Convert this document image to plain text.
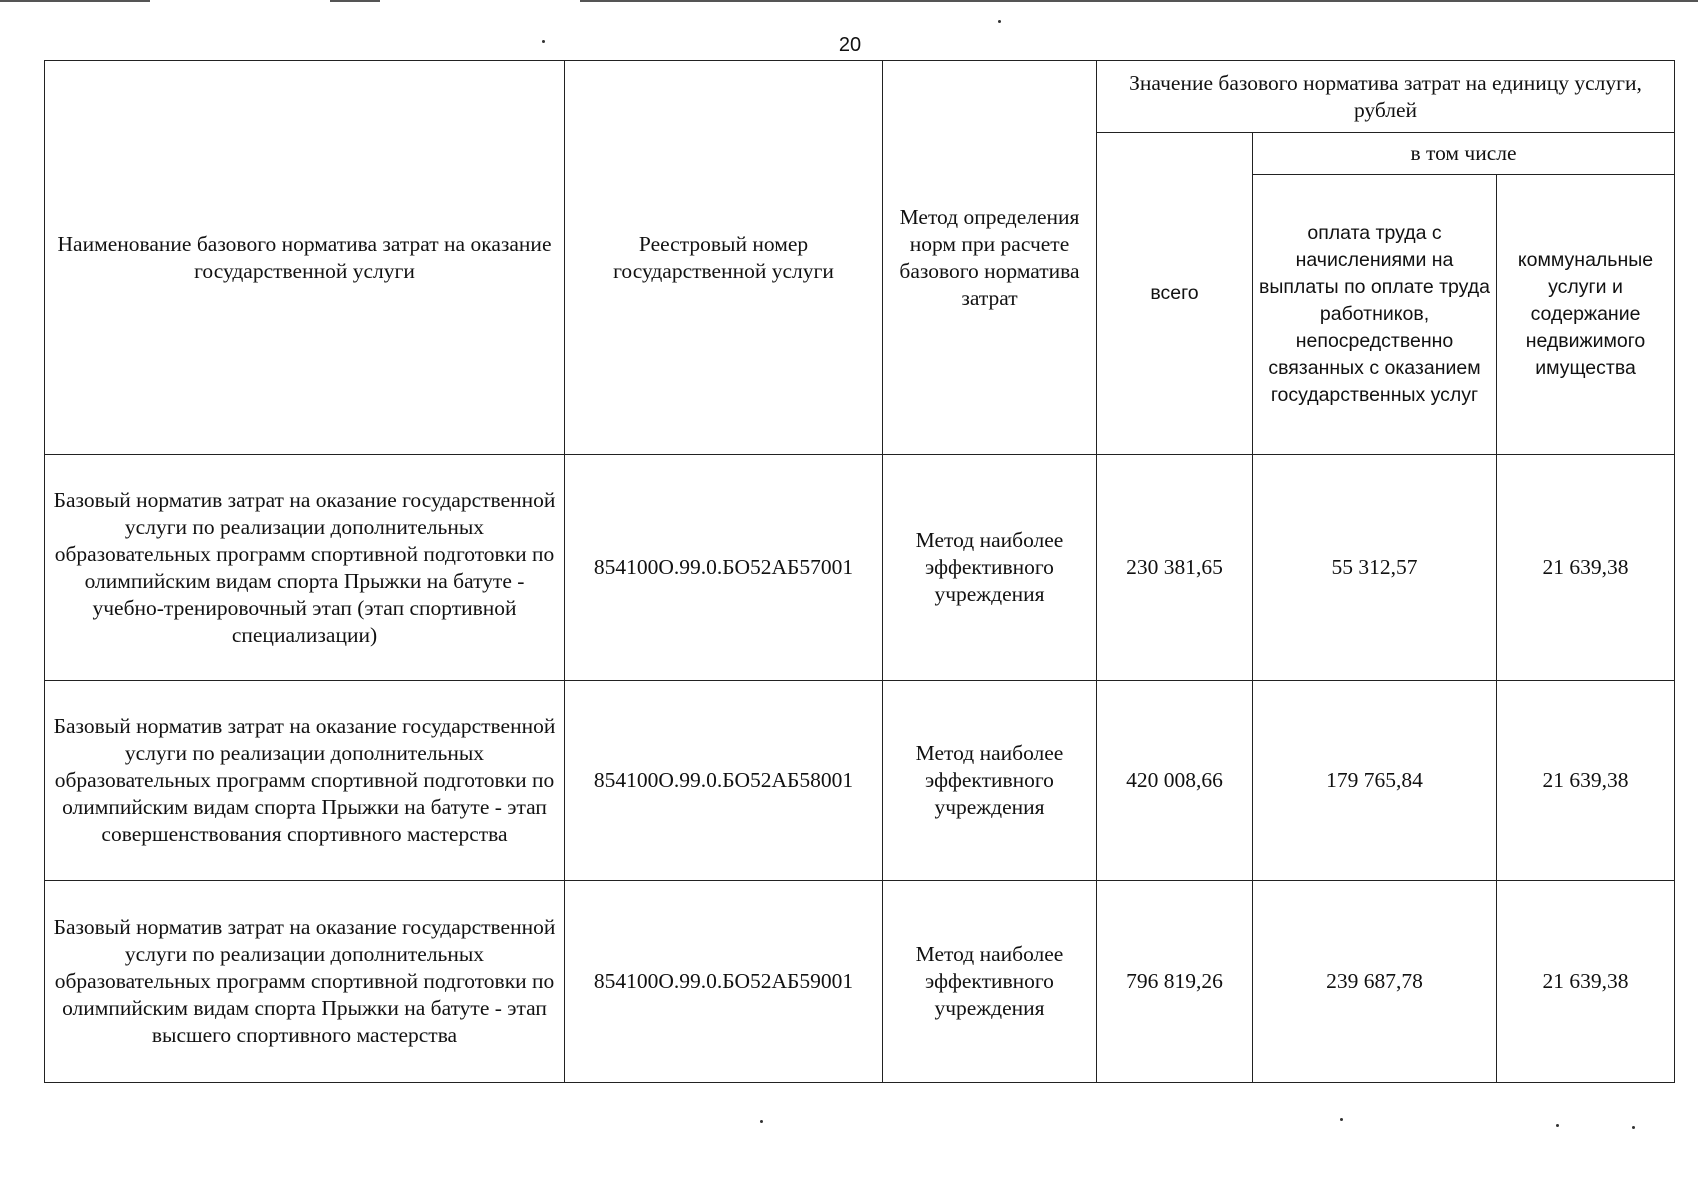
20
Наименование базового норматива затрат на оказание государственной услуги	Реестровый номер государственной услуги	Метод определения норм при расчете базового норматива затрат	Значение базового норматива затрат на единицу услуги, рублей		
			всего	в том числе	
				оплата труда с начислениями на выплаты по оплате труда работников, непосредственно связанных с оказанием государственных услуг	коммунальные услуги и содержание недвижимого имущества
Базовый норматив затрат на оказание государственной услуги по реализации дополнительных образовательных программ спортивной подготовки по олимпийским видам спорта Прыжки на батуте - учебно-тренировочный этап (этап спортивной специализации)	854100О.99.0.БО52АБ57001	Метод наиболее эффективного учреждения	230 381,65	55 312,57	21 639,38
Базовый норматив затрат на оказание государственной услуги по реализации дополнительных образовательных программ спортивной подготовки по олимпийским видам спорта Прыжки на батуте - этап совершенствования спортивного мастерства	854100О.99.0.БО52АБ58001	Метод наиболее эффективного учреждения	420 008,66	179 765,84	21 639,38
Базовый норматив затрат на оказание государственной услуги по реализации дополнительных образовательных программ спортивной подготовки по олимпийским видам спорта Прыжки на батуте - этап высшего спортивного мастерства	854100О.99.0.БО52АБ59001	Метод наиболее эффективного учреждения	796 819,26	239 687,78	21 639,38
